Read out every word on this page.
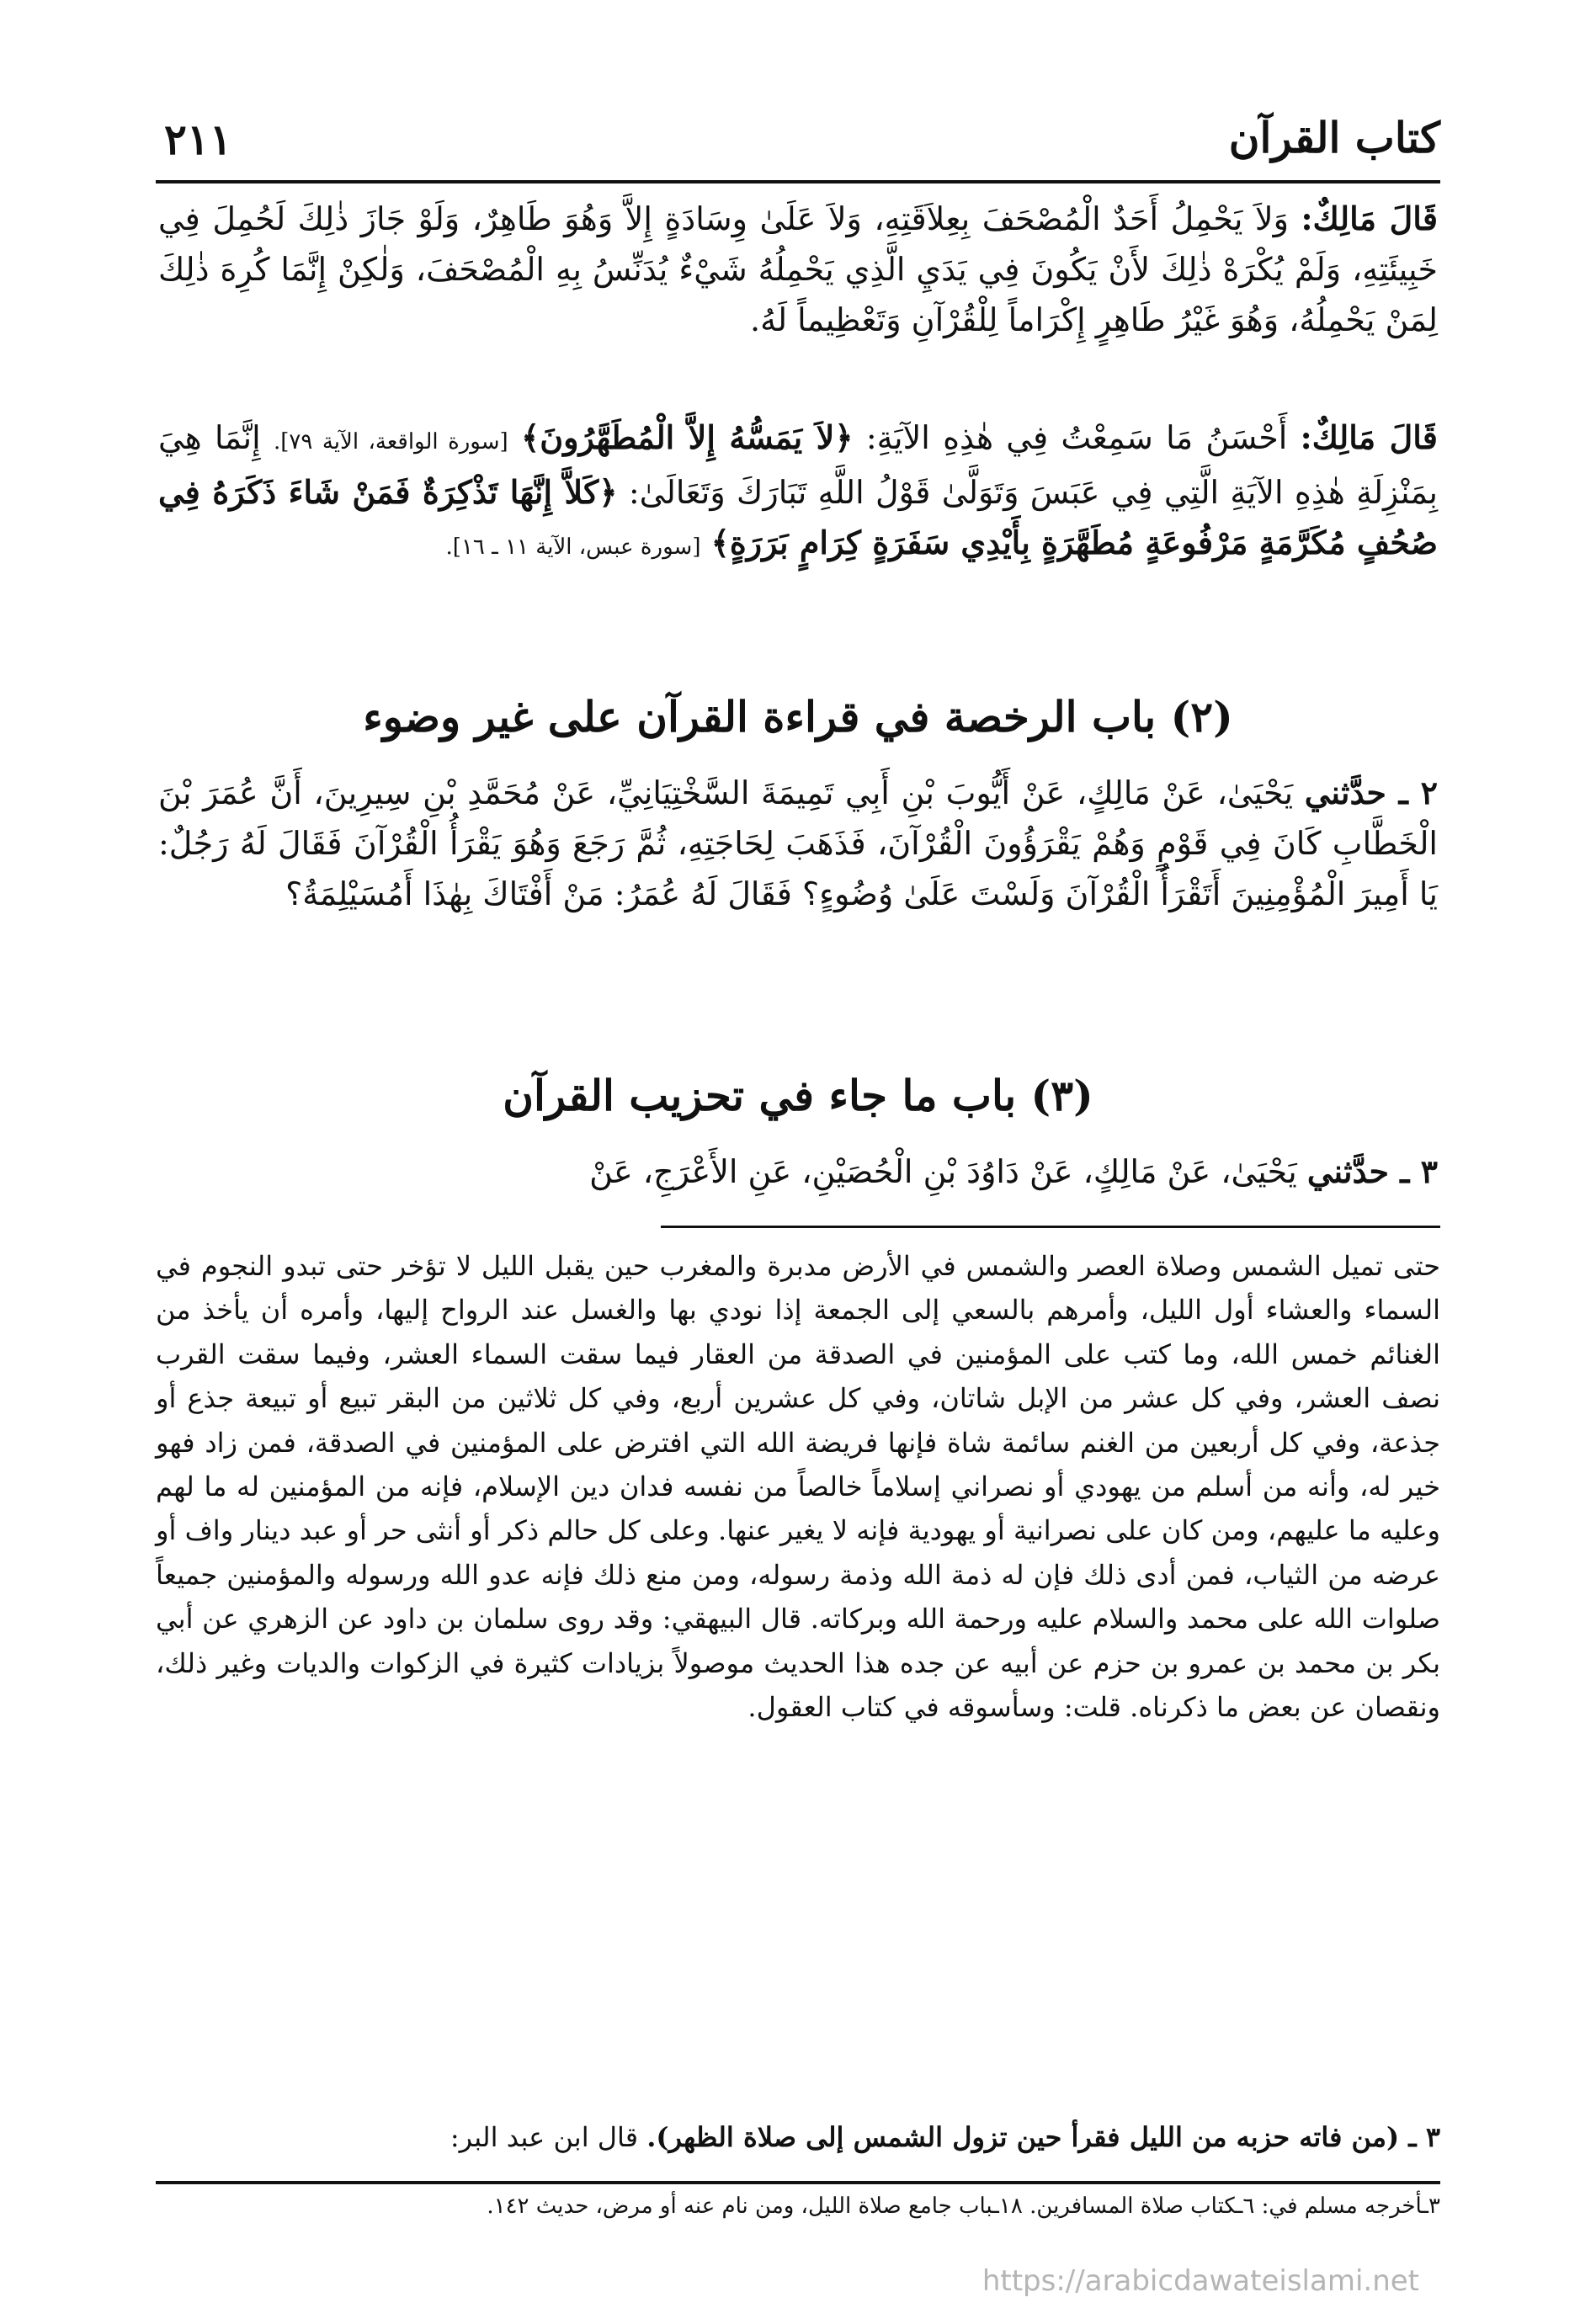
٢١١	كتاب القرآن
قَالَ مَالِكٌ: وَلاَ يَحْمِلُ أَحَدٌ الْمُصْحَفَ بِعِلاَقَتِهِ، وَلاَ عَلَىٰ وِسَادَةٍ إِلاَّ وَهُوَ طَاهِرٌ، وَلَوْ جَازَ ذٰلِكَ لَحُمِلَ فِي خَبِيئَتِهِ، وَلَمْ يُكْرَهْ ذٰلِكَ لأَنْ يَكُونَ فِي يَدَيِ الَّذِي يَحْمِلُهُ شَيْءٌ يُدَنِّسُ بِهِ الْمُصْحَفَ، وَلٰكِنْ إِنَّمَا كُرِهَ ذٰلِكَ لِمَنْ يَحْمِلُهُ، وَهُوَ غَيْرُ طَاهِرٍ إِكْرَاماً لِلْقُرْآنِ وَتَعْظِيماً لَهُ.
قَالَ مَالِكٌ: أَحْسَنُ مَا سَمِعْتُ فِي هٰذِهِ الآيَةِ: ﴿لاَ يَمَسُّهُ إِلاَّ الْمُطَهَّرُونَ﴾ [سورة الواقعة، الآية ٧٩]. إِنَّمَا هِيَ بِمَنْزِلَةِ هٰذِهِ الآيَةِ الَّتِي فِي عَبَسَ وَتَوَلَّىٰ قَوْلُ اللَّهِ تَبَارَكَ وَتَعَالَىٰ: ﴿كَلاَّ إِنَّهَا تَذْكِرَةٌ فَمَنْ شَاءَ ذَكَرَهُ فِي صُحُفٍ مُكَرَّمَةٍ مَرْفُوعَةٍ مُطَهَّرَةٍ بِأَيْدِي سَفَرَةٍ كِرَامٍ بَرَرَةٍ﴾ [سورة عبس، الآية ١١ ـ ١٦].
(٢) باب الرخصة في قراءة القرآن على غير وضوء
٢ ـ حدَّثني يَحْيَىٰ، عَنْ مَالِكٍ، عَنْ أَيُّوبَ بْنِ أَبِي تَمِيمَةَ السَّخْتِيَانِيِّ، عَنْ مُحَمَّدِ بْنِ سِيرِينَ، أَنَّ عُمَرَ بْنَ الْخَطَّابِ كَانَ فِي قَوْمٍ وَهُمْ يَقْرَؤُونَ الْقُرْآنَ، فَذَهَبَ لِحَاجَتِهِ، ثُمَّ رَجَعَ وَهُوَ يَقْرَأُ الْقُرْآنَ فَقَالَ لَهُ رَجُلٌ: يَا أَمِيرَ الْمُؤْمِنِينَ أَتَقْرَأُ الْقُرْآنَ وَلَسْتَ عَلَىٰ وُضُوءٍ؟ فَقَالَ لَهُ عُمَرُ: مَنْ أَفْتَاكَ بِهٰذَا أَمُسَيْلِمَةُ؟
(٣) باب ما جاء في تحزيب القرآن
٣ ـ حدَّثني يَحْيَىٰ، عَنْ مَالِكٍ، عَنْ دَاوُدَ بْنِ الْحُصَيْنِ، عَنِ الأَعْرَجِ، عَنْ
حتى تميل الشمس وصلاة العصر والشمس في الأرض مدبرة والمغرب حين يقبل الليل لا تؤخر حتى تبدو النجوم في السماء والعشاء أول الليل، وأمرهم بالسعي إلى الجمعة إذا نودي بها والغسل عند الرواح إليها، وأمره أن يأخذ من الغنائم خمس الله، وما كتب على المؤمنين في الصدقة من العقار فيما سقت السماء العشر، وفيما سقت القرب نصف العشر، وفي كل عشر من الإبل شاتان، وفي كل عشرين أربع، وفي كل ثلاثين من البقر تبيع أو تبيعة جذع أو جذعة، وفي كل أربعين من الغنم سائمة شاة فإنها فريضة الله التي افترض على المؤمنين في الصدقة، فمن زاد فهو خير له، وأنه من أسلم من يهودي أو نصراني إسلاماً خالصاً من نفسه فدان دين الإسلام، فإنه من المؤمنين له ما لهم وعليه ما عليهم، ومن كان على نصرانية أو يهودية فإنه لا يغير عنها. وعلى كل حالم ذكر أو أنثى حر أو عبد دينار واف أو عرضه من الثياب، فمن أدى ذلك فإن له ذمة الله وذمة رسوله، ومن منع ذلك فإنه عدو الله ورسوله والمؤمنين جميعاً صلوات الله على محمد والسلام عليه ورحمة الله وبركاته. قال البيهقي: وقد روى سلمان بن داود عن الزهري عن أبي بكر بن محمد بن عمرو بن حزم عن أبيه عن جده هذا الحديث موصولاً بزيادات كثيرة في الزكوات والديات وغير ذلك، ونقصان عن بعض ما ذكرناه. قلت: وسأسوقه في كتاب العقول.
٣ ـ (من فاته حزبه من الليل فقرأ حين تزول الشمس إلى صلاة الظهر). قال ابن عبد البر:
٣ـأخرجه مسلم في: ٦ـكتاب صلاة المسافرين. ١٨ـباب جامع صلاة الليل، ومن نام عنه أو مرض، حديث ١٤٢.
https://arabicdawateislami.net
